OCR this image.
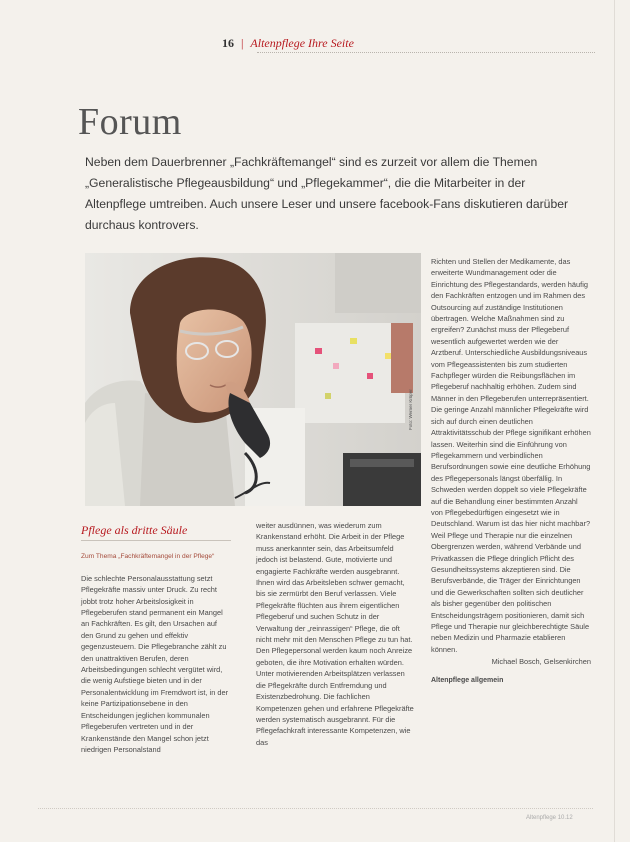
16 | Altenpflege Ihre Seite
Forum
Neben dem Dauerbrenner „Fachkräftemangel“ sind es zurzeit vor allem die Themen „Generalistische Pflegeausbildung“ und „Pflegekammer“, die die Mitarbeiter in der Altenpflege umtreiben. Auch unsere Leser und unsere facebook-Fans diskutieren darüber durchaus kontrovers.
Foto: Werner Krüper
Pflege als dritte Säule

Zum Thema „Fachkräftemangel in der Pflege“

Die schlechte Personalausstattung setzt Pflegekräfte massiv unter Druck. Zu recht jobbt trotz hoher Arbeitslosigkeit in Pflegeberufen stand permanent ein Mangel an Fachkräften. Es gilt, den Ursachen auf den Grund zu gehen und effektiv gegenzusteuern. Die Pflegebranche zählt zu den unattraktiven Berufen, deren Arbeitsbedingungen schlecht vergütet wird, die wenig Aufstiege bieten und in der Personalentwicklung im Fremdwort ist, in der keine Partizipationsebene in den Entscheidungen jeglichen kommunalen Pflegeberufen vertreten und in der Krankenstände den Mangel schon jetzt niedrigen Personalstand

weiter ausdünnen, was wiederum zum Krankenstand erhöht. Die Arbeit in der Pflege muss anerkannter sein, das Arbeitsumfeld jedoch ist belastend. Gute, motivierte und engagierte Fachkräfte werden ausgebrannt. Ihnen wird das Arbeitsleben schwer gemacht, bis sie zermürbt den Beruf verlassen. Viele Pflegekräfte flüchten aus ihrem eigentlichen Pflegeberuf und suchen Schutz in der Verwaltung der „reinrassigen“ Pflege, die oft nicht mehr mit den Menschen Pflege zu tun hat. Den Pflegepersonal werden kaum noch Anreize geboten, die ihre Motivation erhalten würden. Unter motivierenden Arbeitsplätzen verlassen die Pflegekräfte durch Entfremdung und Existenzbedrohung. Die fachlichen Kompetenzen gehen und erfahrene Pflegekräfte werden systematisch ausgebrannt. Für die Pflegefachkraft interessante Kompetenzen, wie das

Richten und Stellen der Medikamente, das erweiterte Wundmanagement oder die Einrichtung des Pflegestandards, werden häufig den Fachkräften entzogen und im Rahmen des Outsourcing auf zuständige Institutionen übertragen. Welche Maßnahmen sind zu ergreifen? Zunächst muss der Pflegeberuf wesentlich aufgewertet werden wie der Arztberuf. Unterschiedliche Ausbildungsniveaus vom Pflegeassistenten bis zum studierten Fachpfleger würden die Reibungsflächen im Pflegeberuf nachhaltig erhöhen. Zudem sind Männer in den Pflegeberufen unterrepräsentiert. Die geringe Anzahl männlicher Pflegekräfte wird sich auf durch einen deutlichen Attraktivitätsschub der Pflege signifikant erhöhen lassen. Weiterhin sind die Einführung von Pflegekammern und verbindlichen Berufsordnungen sowie eine deutliche Erhöhung des Pflegepersonals längst überfällig. In Schweden werden doppelt so viele Pflegekräfte auf die Behandlung einer bestimmten Anzahl von Pflegebedürftigen eingesetzt wie in Deutschland. Warum ist das hier nicht machbar? Weil Pflege und Therapie nur die einzelnen Obergrenzen werden, während Verbände und Privatkassen die Pflege dringlich Pflicht des Gesundheitssystems akzeptieren sind. Die Berufsverbände, die Träger der Einrichtungen und die Gewerkschaften sollten sich deutlicher als bisher gegenüber den politischen Entscheidungsträgern positionieren, damit sich Pflege und Therapie nur gleichberechtigte Säule neben Medizin und Pharmazie etablieren können.

Michael Bosch, Gelsenkirchen

Altenpflege allgemein

Altenpflege 10.12
